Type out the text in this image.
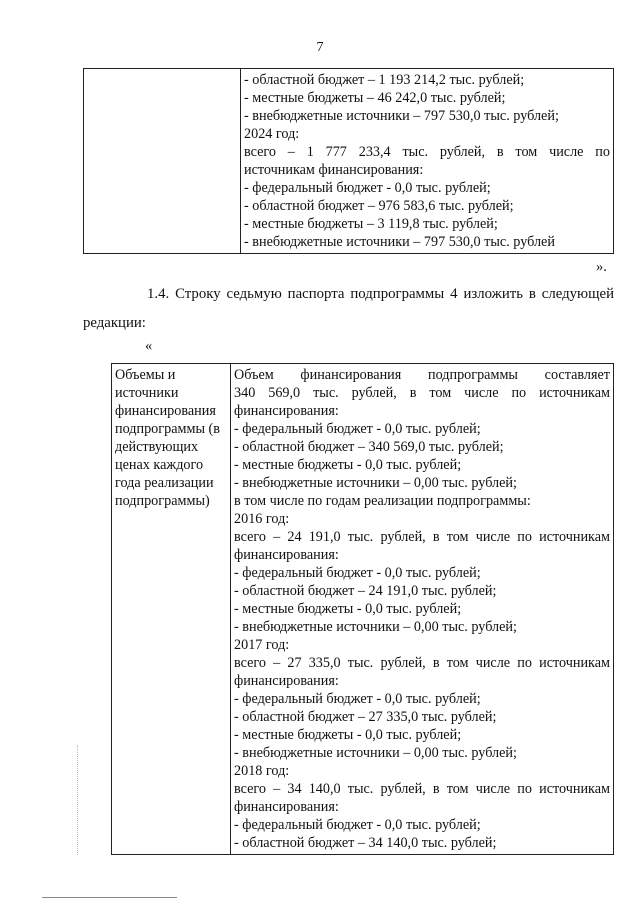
7

- областной бюджет – 1 193 214,2 тыс. рублей;
- местные бюджеты – 46 242,0 тыс. рублей;
- внебюджетные источники – 797 530,0 тыс. рублей;
2024 год:
всего – 1 777 233,4 тыс. рублей, в том числе по
источникам финансирования:
- федеральный бюджет - 0,0 тыс. рублей;
- областной бюджет – 976 583,6 тыс. рублей;
- местные бюджеты – 3 119,8 тыс. рублей;
- внебюджетные источники – 797 530,0 тыс. рублей
».
1.4. Строку седьмую паспорта подпрограммы 4 изложить в следующей
редакции:
«
Объемы и
источники
финансирования
подпрограммы (в
действующих
ценах каждого
года реализации
подпрограммы)

Объем финансирования подпрограммы составляет
340 569,0 тыс. рублей, в том числе по источникам
финансирования:
- федеральный бюджет - 0,0 тыс. рублей;
- областной бюджет – 340 569,0 тыс. рублей;
- местные бюджеты - 0,0 тыс. рублей;
- внебюджетные источники – 0,00 тыс. рублей;
в том числе по годам реализации подпрограммы:
2016 год:
всего – 24 191,0 тыс. рублей, в том числе по источникам
финансирования:
- федеральный бюджет - 0,0 тыс. рублей;
- областной бюджет – 24 191,0 тыс. рублей;
- местные бюджеты - 0,0 тыс. рублей;
- внебюджетные источники – 0,00 тыс. рублей;
2017 год:
всего – 27 335,0 тыс. рублей, в том числе по источникам
финансирования:
- федеральный бюджет - 0,0 тыс. рублей;
- областной бюджет – 27 335,0 тыс. рублей;
- местные бюджеты - 0,0 тыс. рублей;
- внебюджетные источники – 0,00 тыс. рублей;
2018 год:
всего – 34 140,0 тыс. рублей, в том числе по источникам
финансирования:
- федеральный бюджет - 0,0 тыс. рублей;
- областной бюджет – 34 140,0 тыс. рублей;
